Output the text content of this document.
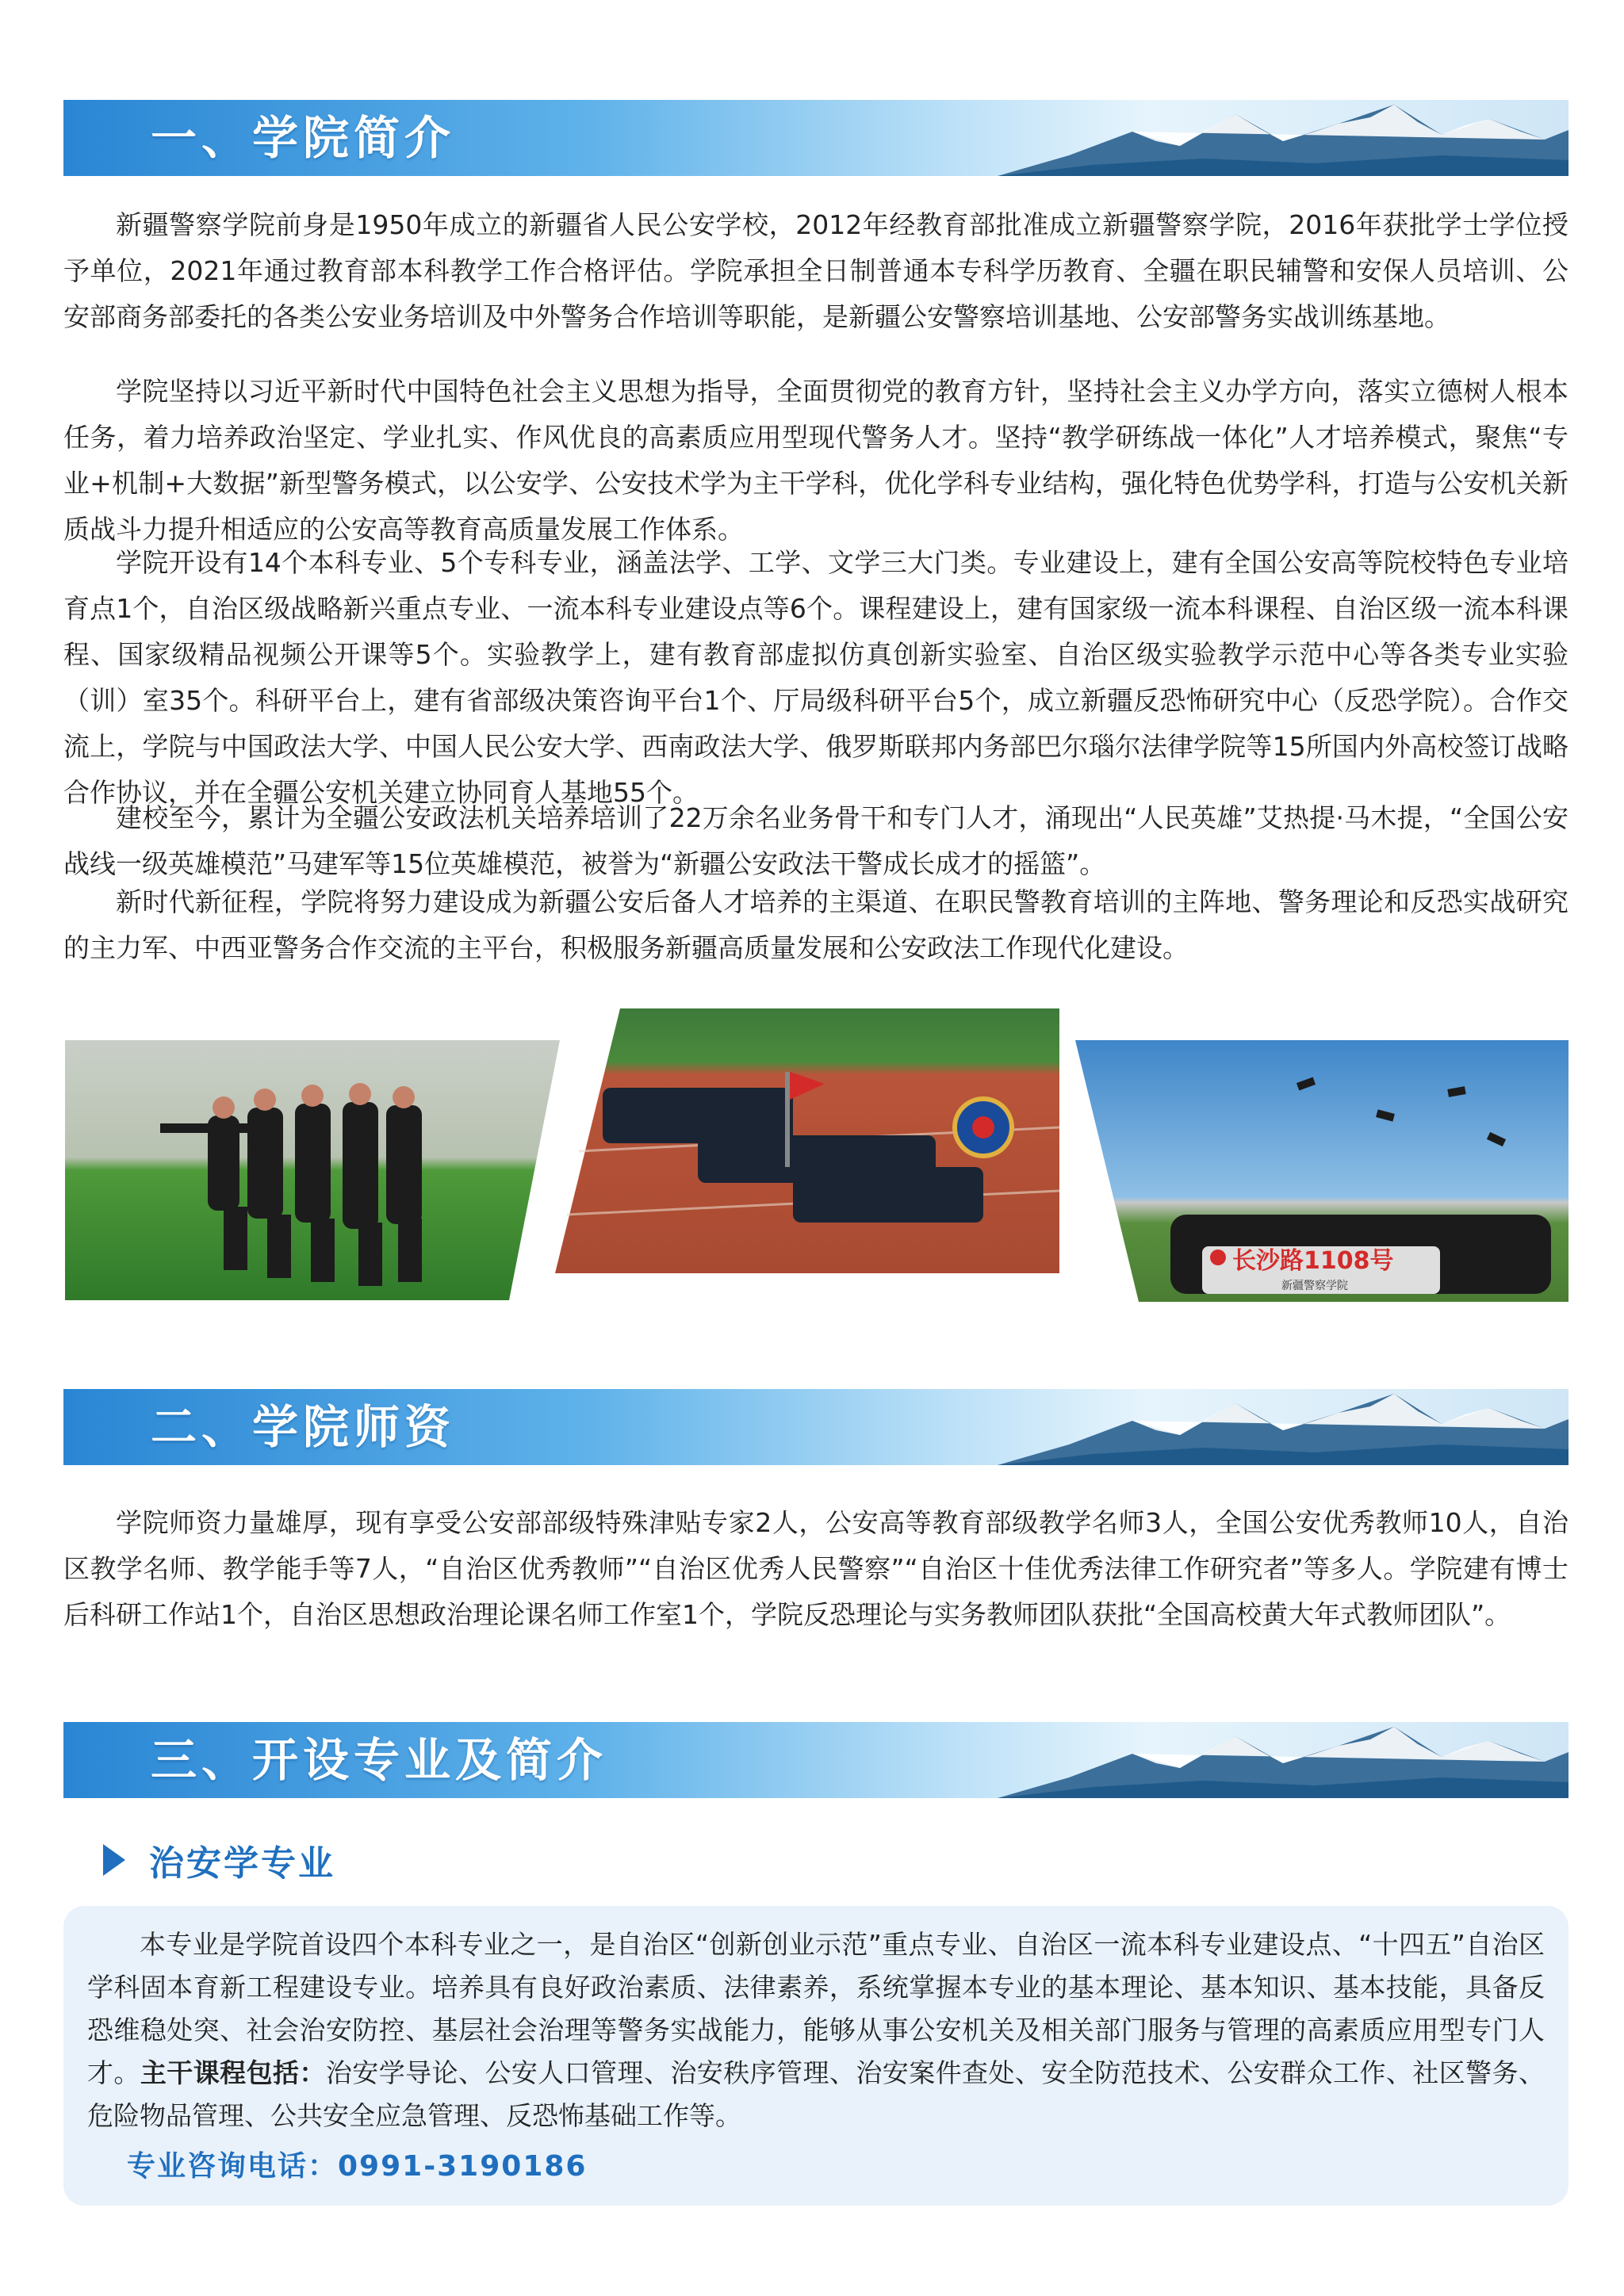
一、学院简介

新疆警察学院前身是1950年成立的新疆省人民公安学校，2012年经教育部批准成立新疆警察学院，2016年获批学士学位授予单位，2021年通过教育部本科教学工作合格评估。学院承担全日制普通本专科学历教育、全疆在职民辅警和安保人员培训、公安部商务部委托的各类公安业务培训及中外警务合作培训等职能，是新疆公安警察培训基地、公安部警务实战训练基地。

学院坚持以习近平新时代中国特色社会主义思想为指导，全面贯彻党的教育方针，坚持社会主义办学方向，落实立德树人根本任务，着力培养政治坚定、学业扎实、作风优良的高素质应用型现代警务人才。坚持“教学研练战一体化”人才培养模式，聚焦“专业+机制+大数据”新型警务模式，以公安学、公安技术学为主干学科，优化学科专业结构，强化特色优势学科，打造与公安机关新质战斗力提升相适应的公安高等教育高质量发展工作体系。

学院开设有14个本科专业、5个专科专业，涵盖法学、工学、文学三大门类。专业建设上，建有全国公安高等院校特色专业培育点1个，自治区级战略新兴重点专业、一流本科专业建设点等6个。课程建设上，建有国家级一流本科课程、自治区级一流本科课程、国家级精品视频公开课等5个。实验教学上，建有教育部虚拟仿真创新实验室、自治区级实验教学示范中心等各类专业实验（训）室35个。科研平台上，建有省部级决策咨询平台1个、厅局级科研平台5个，成立新疆反恐怖研究中心（反恐学院）。合作交流上，学院与中国政法大学、中国人民公安大学、西南政法大学、俄罗斯联邦内务部巴尔瑙尔法律学院等15所国内外高校签订战略合作协议，并在全疆公安机关建立协同育人基地55个。

建校至今，累计为全疆公安政法机关培养培训了22万余名业务骨干和专门人才，涌现出“人民英雄”艾热提·马木提，“全国公安战线一级英雄模范”马建军等15位英雄模范，被誉为“新疆公安政法干警成长成才的摇篮”。

新时代新征程，学院将努力建设成为新疆公安后备人才培养的主渠道、在职民警教育培训的主阵地、警务理论和反恐实战研究的主力军、中西亚警务合作交流的主平台，积极服务新疆高质量发展和公安政法工作现代化建设。

长沙路1108号
新疆警察学院
二、学院师资

学院师资力量雄厚，现有享受公安部部级特殊津贴专家2人，公安高等教育部级教学名师3人，全国公安优秀教师10人，自治区教学名师、教学能手等7人，“自治区优秀教师”“自治区优秀人民警察”“自治区十佳优秀法律工作研究者”等多人。学院建有博士后科研工作站1个，自治区思想政治理论课名师工作室1个，学院反恐理论与实务教师团队获批“全国高校黄大年式教师团队”。

三、开设专业及简介
治安学专业

本专业是学院首设四个本科专业之一，是自治区“创新创业示范”重点专业、自治区一流本科专业建设点、“十四五”自治区学科固本育新工程建设专业。培养具有良好政治素质、法律素养，系统掌握本专业的基本理论、基本知识、基本技能，具备反恐维稳处突、社会治安防控、基层社会治理等警务实战能力，能够从事公安机关及相关部门服务与管理的高素质应用型专门人才。主干课程包括：治安学导论、公安人口管理、治安秩序管理、治安案件查处、安全防范技术、公安群众工作、社区警务、危险物品管理、公共安全应急管理、反恐怖基础工作等。

专业咨询电话：0991-3190186
